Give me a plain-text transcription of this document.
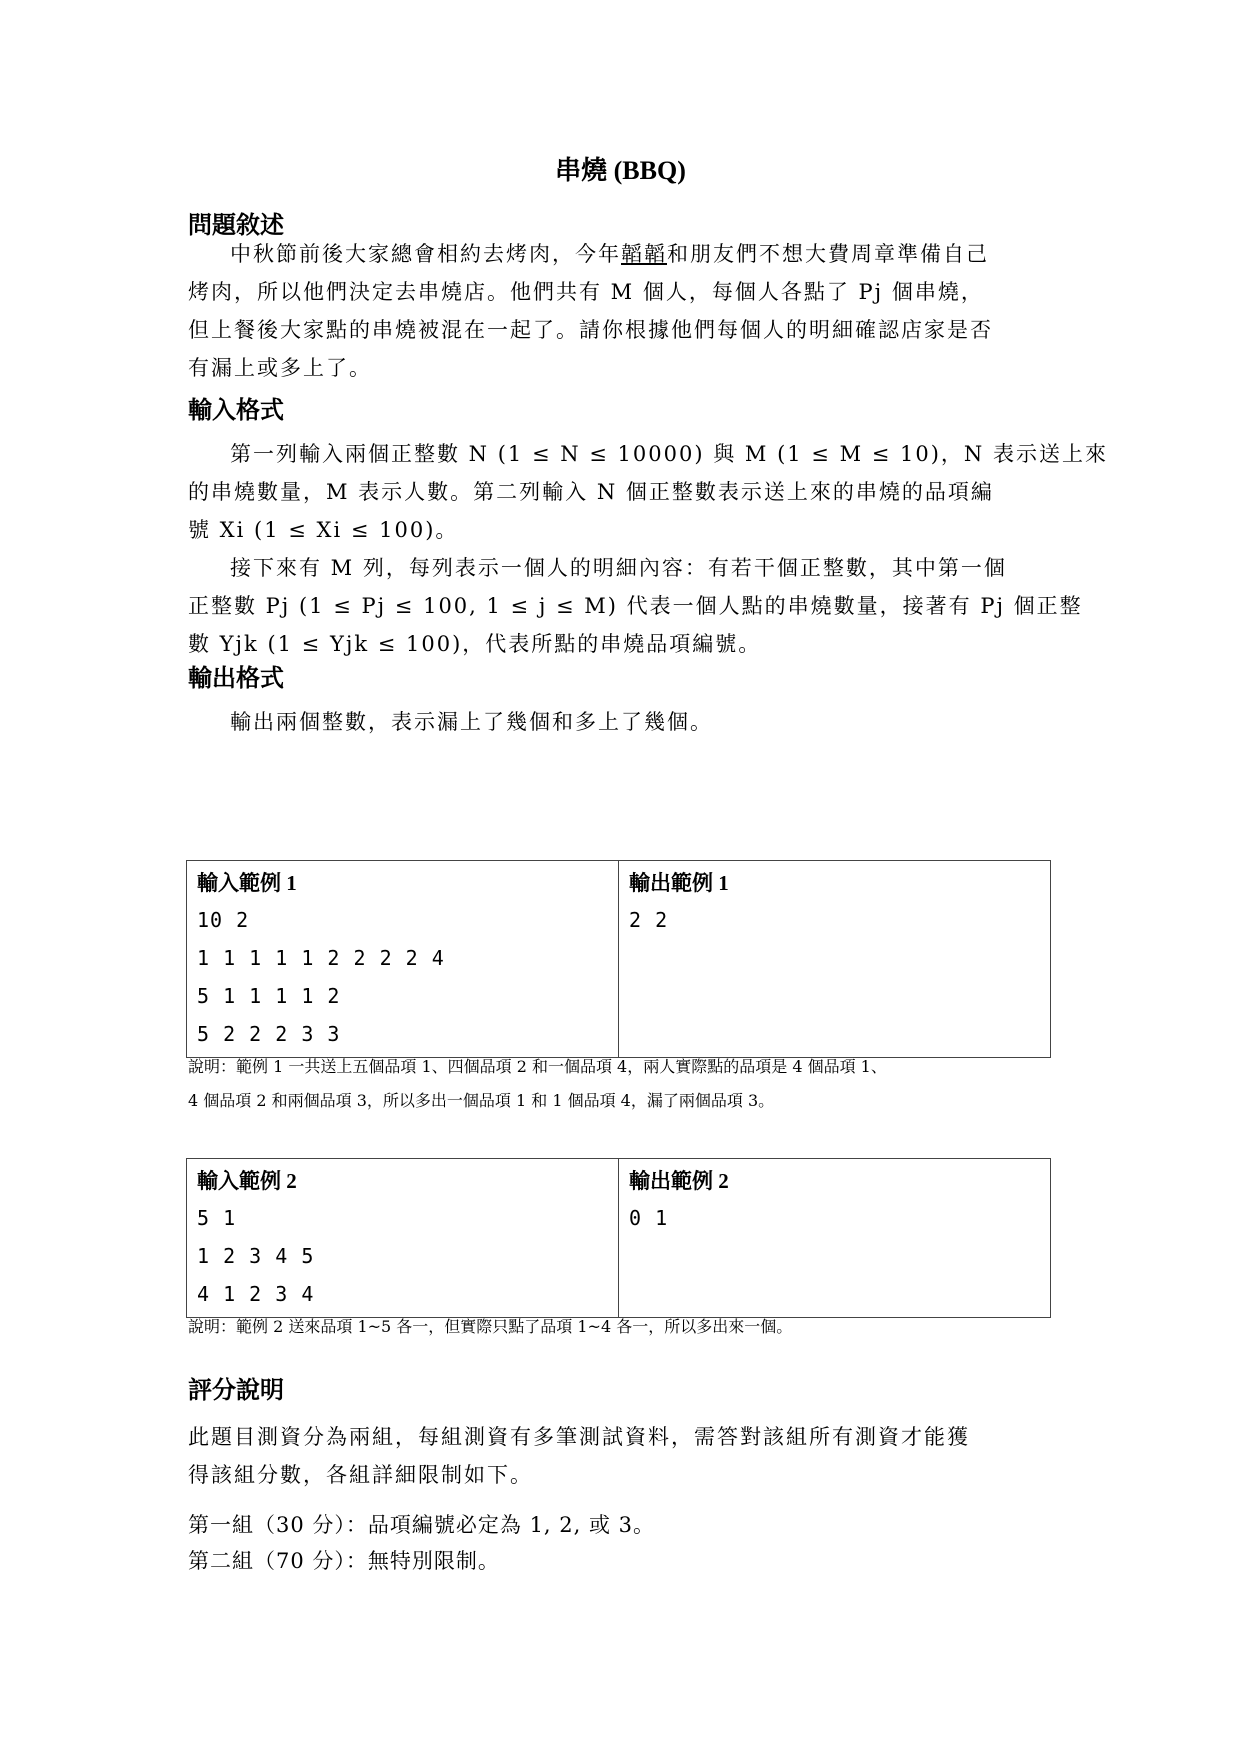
串燒 (BBQ)
問題敘述
中秋節前後大家總會相約去烤肉，今年韜韜和朋友們不想大費周章準備自己
烤肉，所以他們決定去串燒店。他們共有 M 個人，每個人各點了 Pj 個串燒，
但上餐後大家點的串燒被混在一起了。請你根據他們每個人的明細確認店家是否
有漏上或多上了。
輸入格式
第一列輸入兩個正整數 N (1 ≤ N ≤ 10000) 與 M (1 ≤ M ≤ 10)，N 表示送上來
的串燒數量，M 表示人數。第二列輸入 N 個正整數表示送上來的串燒的品項編
號 Xi (1 ≤ Xi ≤ 100)。
接下來有 M 列，每列表示一個人的明細內容：有若干個正整數，其中第一個
正整數 Pj (1 ≤ Pj ≤ 100, 1 ≤ j ≤ M) 代表一個人點的串燒數量，接著有 Pj 個正整
數 Yjk (1 ≤ Yjk ≤ 100)，代表所點的串燒品項編號。
輸出格式
輸出兩個整數，表示漏上了幾個和多上了幾個。
輸入範例 1
10 2
1 1 1 1 1 2 2 2 2 4
5 1 1 1 1 2
5 2 2 2 3 3
輸出範例 1
2 2
說明：範例 1 一共送上五個品項 1、四個品項 2 和一個品項 4，兩人實際點的品項是 4 個品項 1、
4 個品項 2 和兩個品項 3，所以多出一個品項 1 和 1 個品項 4，漏了兩個品項 3。
輸入範例 2
5 1
1 2 3 4 5
4 1 2 3 4
輸出範例 2
0 1
說明：範例 2 送來品項 1~5 各一，但實際只點了品項 1~4 各一，所以多出來一個。
評分說明
此題目測資分為兩組，每組測資有多筆測試資料，需答對該組所有測資才能獲
得該組分數，各組詳細限制如下。
第一組（30 分）：品項編號必定為 1, 2, 或 3。
第二組（70 分）：無特別限制。
